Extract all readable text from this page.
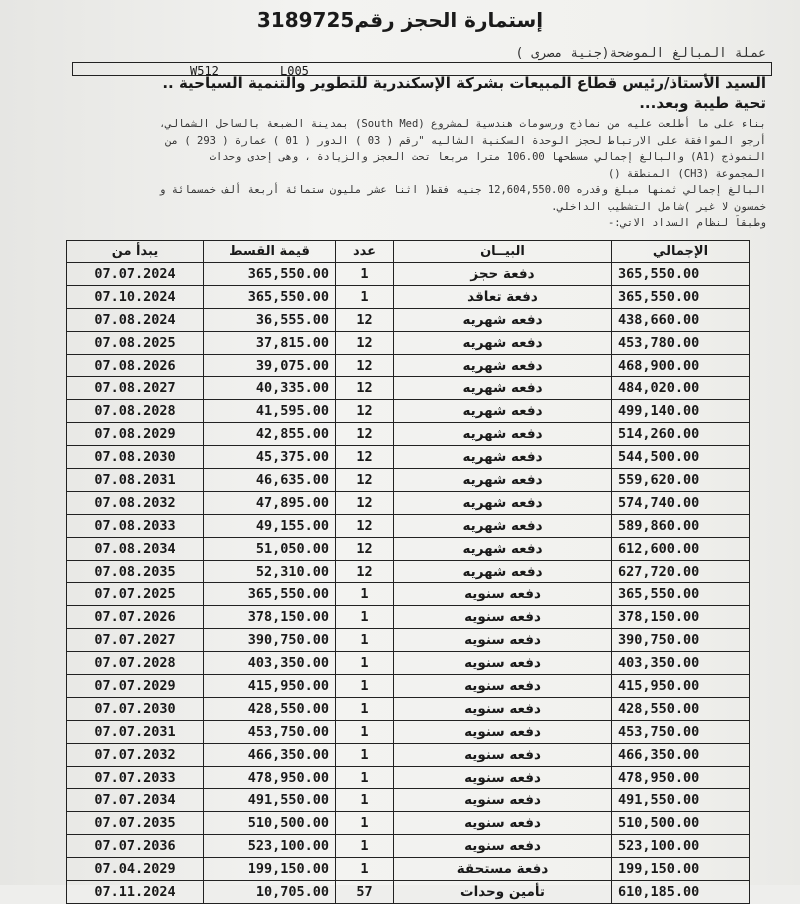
إستمارة الحجز رقم3189725
عملة المبالغ الموضحة(جنية مصرى )
W512	L005
السيد الأستاذ/رئيس قطاع المبيعات بشركة الإسكندرية للتطوير والتنمية السياحية ..
تحية طيبة وبعد...
بناء على ما أطلعت عليه من نماذج ورسومات هندسية لمشروع (South Med) بمدينة الضبعة بالساحل الشمالي،
أرجو الموافقة على الارتباط لحجز الوحدة السكنية الشاليه "رقم ( 03 ) الدور ( 01 ) عمارة ( 293 ) من
النموذج (A1) والبالغ إجمالي مسطحها 106.00 مترا مربعا تحت العجز والزيادة ، وهى إحدى وحدات
المجموعة (CH3) المنطقة ()
البالغ إجمالي ثمنها مبلغ وقدره 12,604,550.00 جنيه فقط( اثنا عشر مليون ستمائة أربعة ألف خمسمائة و
خمسون لا غير )شامل التشطيب الداخلي.
وطبقاً لنظام السداد الاتي:-
الإجمالي	البيــان	عدد	قيمة القسط	يبدأ من
365,550.00	دفعة حجز	1	365,550.00	07.07.2024
365,550.00	دفعة تعاقد	1	365,550.00	07.10.2024
438,660.00	دفعه شهريه	12	36,555.00	07.08.2024
453,780.00	دفعه شهريه	12	37,815.00	07.08.2025
468,900.00	دفعه شهريه	12	39,075.00	07.08.2026
484,020.00	دفعه شهريه	12	40,335.00	07.08.2027
499,140.00	دفعه شهريه	12	41,595.00	07.08.2028
514,260.00	دفعه شهريه	12	42,855.00	07.08.2029
544,500.00	دفعه شهريه	12	45,375.00	07.08.2030
559,620.00	دفعه شهريه	12	46,635.00	07.08.2031
574,740.00	دفعه شهريه	12	47,895.00	07.08.2032
589,860.00	دفعه شهريه	12	49,155.00	07.08.2033
612,600.00	دفعه شهريه	12	51,050.00	07.08.2034
627,720.00	دفعه شهريه	12	52,310.00	07.08.2035
365,550.00	دفعه سنويه	1	365,550.00	07.07.2025
378,150.00	دفعه سنويه	1	378,150.00	07.07.2026
390,750.00	دفعه سنويه	1	390,750.00	07.07.2027
403,350.00	دفعه سنويه	1	403,350.00	07.07.2028
415,950.00	دفعه سنويه	1	415,950.00	07.07.2029
428,550.00	دفعه سنويه	1	428,550.00	07.07.2030
453,750.00	دفعه سنويه	1	453,750.00	07.07.2031
466,350.00	دفعه سنويه	1	466,350.00	07.07.2032
478,950.00	دفعه سنويه	1	478,950.00	07.07.2033
491,550.00	دفعه سنويه	1	491,550.00	07.07.2034
510,500.00	دفعه سنويه	1	510,500.00	07.07.2035
523,100.00	دفعه سنويه	1	523,100.00	07.07.2036
199,150.00	دفعة مستحقة	1	199,150.00	07.04.2029
610,185.00	تأمين وحدات	57	10,705.00	07.11.2024
